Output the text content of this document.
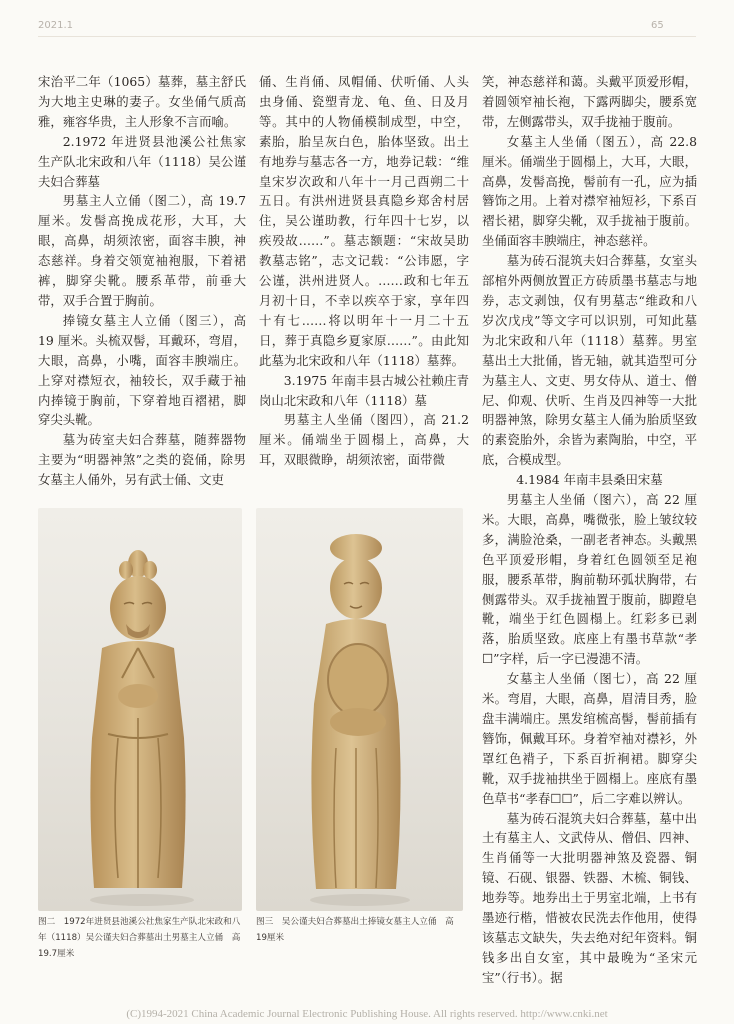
2021.1	65

宋治平二年（1065）墓葬，墓主舒氏为大地主史琳的妻子。女坐俑气质高雅，雍容华贵，主人形象不言而喻。

2.1972 年进贤县池溪公社焦家生产队北宋政和八年（1118）吴公谨夫妇合葬墓

男墓主人立俑（图二），高 19.7 厘米。发髻高挽成花形，大耳，大眼，高鼻，胡须浓密，面容丰腴，神态慈祥。身着交领宽袖袍服，下着裙裤，脚穿尖靴。腰系革带，前垂大带，双手合置于胸前。

捧镜女墓主人立俑（图三），高 19 厘米。头梳双髻，耳戴环，弯眉，大眼，高鼻，小嘴，面容丰腴端庄。上穿对襟短衣，袖较长，双手藏于袖内捧镜于胸前，下穿着地百褶裙，脚穿尖头靴。

墓为砖室夫妇合葬墓，随葬器物主要为“明器神煞”之类的瓷俑，除男女墓主人俑外，另有武士俑、文吏

俑、生肖俑、凤帽俑、伏听俑、人头虫身俑、瓷塑青龙、龟、鱼、日及月等。其中的人物俑模制成型，中空，素胎，胎呈灰白色，胎体坚致。出土有地券与墓志各一方，地券记载：“维皇宋岁次政和八年十一月己酉朔二十五日。有洪州进贤县真隐乡郑舍村居住，吴公谨助教，行年四十七岁，以疾殁故……”。墓志额题：“宋故吴助教墓志铭”，志文记载：“公讳愿，字公谨，洪州进贤人。……政和七年五月初十日，不幸以疾卒于家，享年四十有七……将以明年十一月二十五日，葬于真隐乡夏家原……”。由此知此墓为北宋政和八年（1118）墓葬。

3.1975 年南丰县古城公社赖庄青岗山北宋政和八年（1118）墓

男墓主人坐俑（图四），高 21.2 厘米。俑端坐于圆榻上，高鼻，大耳，双眼微睁，胡须浓密，面带微

笑，神态慈祥和蔼。头戴平顶爱形帽，着圆领窄袖长袍，下露两脚尖，腰系宽带，左侧露带头，双手拢袖于腹前。

女墓主人坐俑（图五），高 22.8 厘米。俑端坐于圆榻上，大耳，大眼，高鼻，发髻高挽，髻前有一孔，应为插簪饰之用。上着对襟窄袖短衫，下系百褶长裙，脚穿尖靴，双手拢袖于腹前。坐俑面容丰腴端庄，神态慈祥。

墓为砖石混筑夫妇合葬墓，女室头部棺外两侧放置正方砖质墨书墓志与地券，志文剥蚀，仅有男墓志“维政和八岁次戊戌”等文字可以识别，可知此墓为北宋政和八年（1118）墓葬。男室墓出土大批俑，皆无轴，就其造型可分为墓主人、文吏、男女侍从、道士、僧尼、仰观、伏听、生肖及四神等一大批明器神煞，除男女墓主人俑为胎质坚致的素瓷胎外，余皆为素陶胎，中空，平底，合模成型。

4.1984 年南丰县桑田宋墓

男墓主人坐俑（图六），高 22 厘米。大眼，高鼻，嘴微张，脸上皱纹较多，满脸沧桑，一副老者神态。头戴黑色平顶爱形帽，身着红色圆领至足袍服，腰系革带，胸前勒环弧状胸带，右侧露带头。双手拢袖置于腹前，脚蹬皂靴，端坐于红色圆榻上。红彩多已剥落，胎质坚致。底座上有墨书草款“孝☐”字样，后一字已漫漶不清。

女墓主人坐俑（图七），高 22 厘米。弯眉，大眼，高鼻，眉清目秀，脸盘丰满端庄。黑发绾梳高髻，髻前插有簪饰，佩戴耳环。身着窄袖对襟衫，外罩红色褙子，下系百折裥裙。脚穿尖靴，双手拢袖拱坐于圆榻上。座底有墨色草书“孝春☐☐”，后二字难以辨认。

墓为砖石混筑夫妇合葬墓，墓中出土有墓主人、文武侍从、僧侣、四神、生肖俑等一大批明器神煞及瓷器、铜镜、石砚、银器、铁器、木梳、铜钱、地券等。地券出土于男室北端，上书有墨迹行楷，惜被农民洗去作他用，使得该墓志文缺失，失去绝对纪年资料。铜钱多出自女室，其中最晚为“圣宋元宝”（行书）。据

图二　1972年进贤县池溪公社焦家生产队北宋政和八年（1118）吴公谨夫妇合葬墓出土男墓主人立俑　高19.7厘米
图三　吴公谨夫妇合葬墓出土捧镜女墓主人立俑　高19厘米
(C)1994-2021 China Academic Journal Electronic Publishing House. All rights reserved. http://www.cnki.net
